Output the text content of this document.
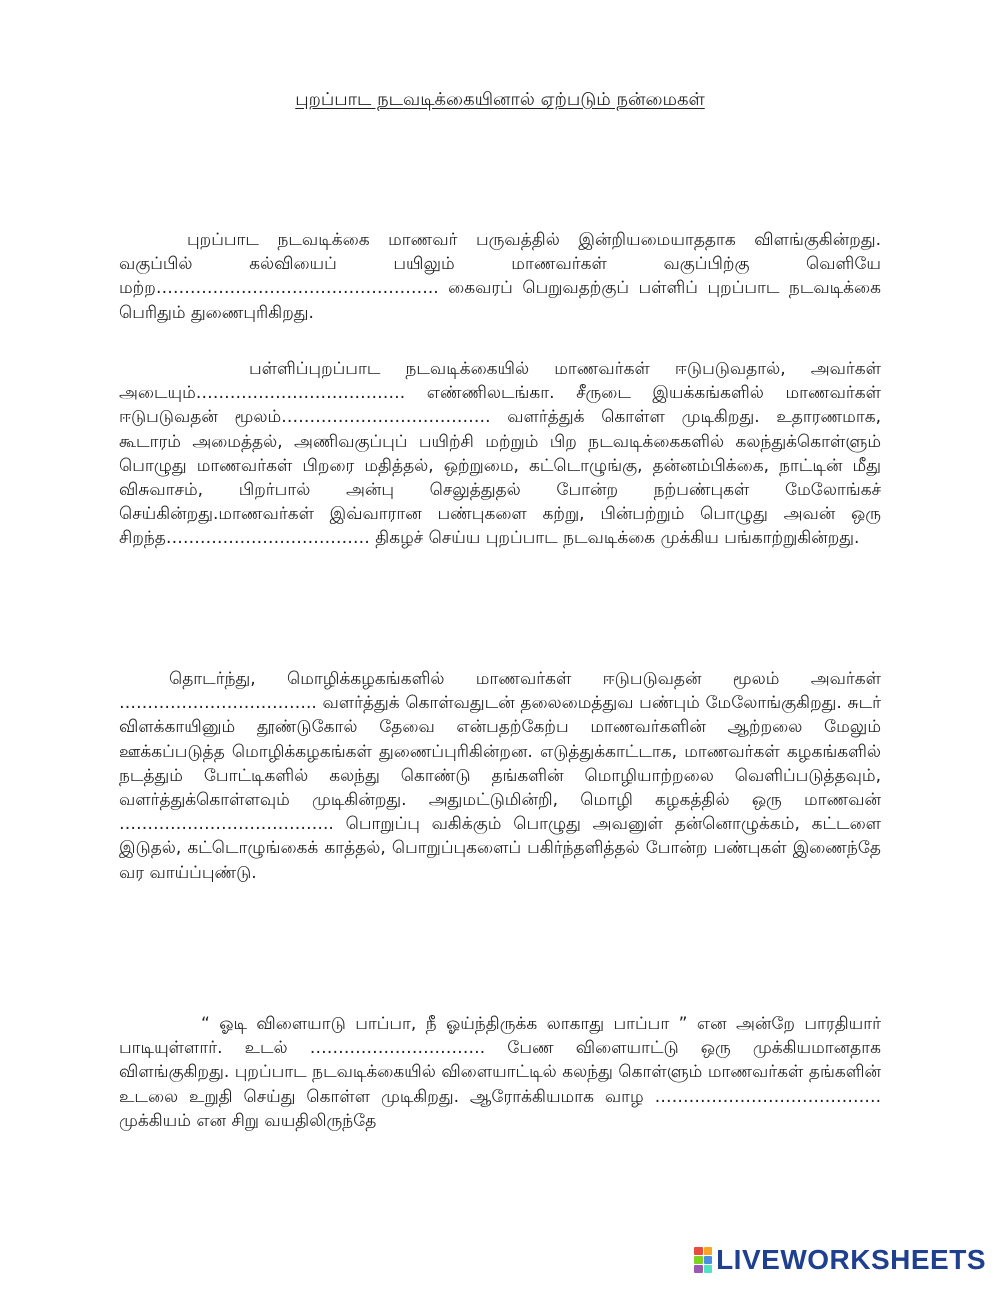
புறப்பாட நடவடிக்கையினால் ஏற்படும் நன்மைகள்

புறப்பாட நடவடிக்கை மாணவர் பருவத்தில் இன்றியமையாததாக விளங்குகின்றது. வகுப்பில் கல்வியைப் பயிலும் மாணவர்கள் வகுப்பிற்கு வெளியே மற்ற………………………………………….. கைவரப் பெறுவதற்குப் பள்ளிப் புறப்பாட நடவடிக்கை பெரிதும் துணைபுரிகிறது.

பள்ளிப்புறப்பாட நடவடிக்கையில் மாணவர்கள் ஈடுபடுவதால், அவர்கள் அடையும்………………………………. எண்ணிலடங்கா. சீருடை இயக்கங்களில் மாணவர்கள் ஈடுபடுவதன் மூலம்………………………………. வளர்த்துக் கொள்ள முடிகிறது. உதாரணமாக, கூடாரம் அமைத்தல், அணிவகுப்புப் பயிற்சி மற்றும் பிற நடவடிக்கைகளில் கலந்துக்கொள்ளும் பொழுது மாணவர்கள் பிறரை மதித்தல், ஒற்றுமை, கட்டொழுங்கு, தன்னம்பிக்கை, நாட்டின் மீது விசுவாசம், பிறர்பால் அன்பு செலுத்துதல் போன்ற நற்பண்புகள் மேலோங்கச் செய்கின்றது.மாணவர்கள் இவ்வாரான பண்புகளை கற்று, பின்பற்றும் பொழுது அவன் ஒரு சிறந்த……………………………… திகழச் செய்ய புறப்பாட நடவடிக்கை முக்கிய பங்காற்றுகின்றது.

தொடர்ந்து, மொழிக்கழகங்களில் மாணவர்கள் ஈடுபடுவதன் மூலம் அவர்கள் …………………………….. வளர்த்துக் கொள்வதுடன் தலைமைத்துவ பண்பும் மேலோங்குகிறது. சுடர் விளக்காயினும் தூண்டுகோல் தேவை என்பதற்கேற்ப மாணவர்களின் ஆற்றலை மேலும் ஊக்கப்படுத்த மொழிக்கழகங்கள் துணைப்புரிகின்றன. எடுத்துக்காட்டாக, மாணவர்கள் கழகங்களில் நடத்தும் போட்டிகளில் கலந்து கொண்டு தங்களின் மொழியாற்றலை வெளிப்படுத்தவும், வளர்த்துக்கொள்ளவும் முடிகின்றது. அதுமட்டுமின்றி, மொழி கழகத்தில் ஒரு மாணவன் ……………………………….. பொறுப்பு வகிக்கும் பொழுது அவனுள் தன்னொழுக்கம், கட்டளை இடுதல், கட்டொழுங்கைக் காத்தல், பொறுப்புகளைப் பகிர்ந்தளித்தல் போன்ற பண்புகள் இணைந்தே வர வாய்ப்புண்டு.

“ ஓடி விளையாடு பாப்பா, நீ ஓய்ந்திருக்க லாகாது பாப்பா ” என அன்றே பாரதியார் பாடியுள்ளார். உடல் …………………………. பேண விளையாட்டு ஒரு முக்கியமானதாக விளங்குகிறது. புறப்பாட நடவடிக்கையில் விளையாட்டில் கலந்து கொள்ளும் மாணவர்கள் தங்களின் உடலை உறுதி செய்து கொள்ள முடிகிறது. ஆரோக்கியமாக வாழ …………………………………. முக்கியம் என சிறு வயதிலிருந்தே

LIVEWORKSHEETS
